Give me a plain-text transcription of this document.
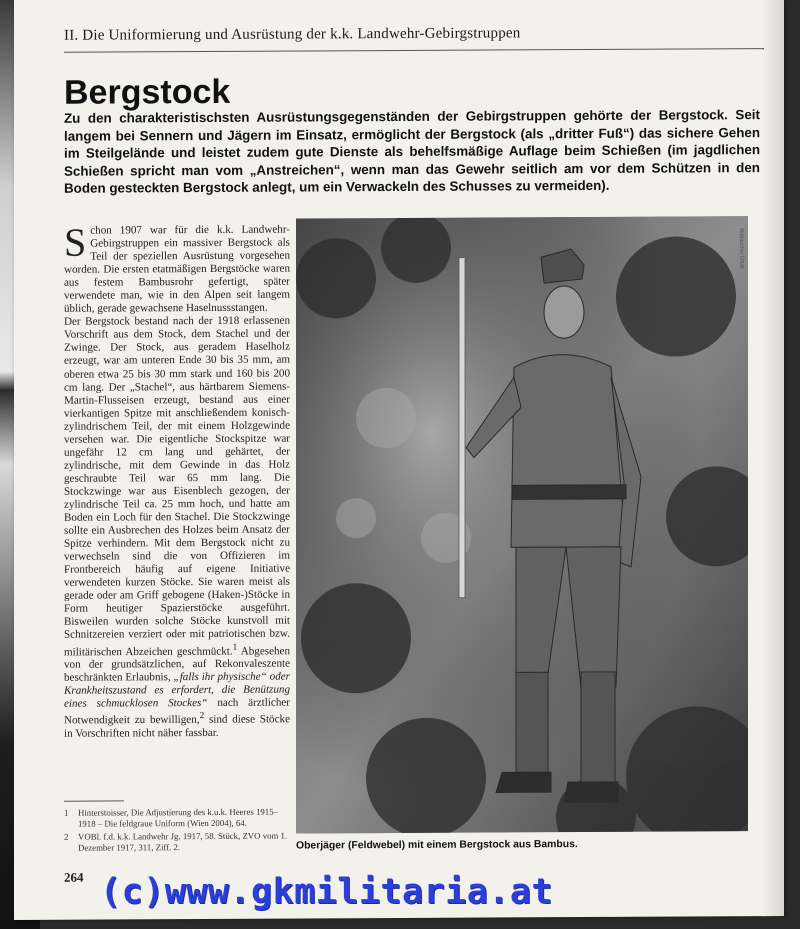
II. Die Uniformierung und Ausrüstung der k.k. Landwehr-Gebirgstruppen
Bergstock

Zu den charakteristischsten Ausrüstungsgegenständen der Gebirgstruppen gehörte der Bergstock. Seit langem bei Sennern und Jägern im Einsatz, ermöglicht der Bergstock (als „dritter Fuß“) das sichere Gehen im Steilgelände und leistet zudem gute Dienste als behelfsmäßige Auflage beim Schießen (im jagdlichen Schießen spricht man vom „Anstreichen“, wenn man das Gewehr seitlich am vor dem Schützen in den Boden gesteckten Bergstock anlegt, um ein Verwackeln des Schusses zu vermeiden).

Schon 1907 war für die k.k. Landwehr-Gebirgstruppen ein massiver Bergstock als Teil der speziellen Ausrüstung vorgesehen worden. Die ersten etatmäßigen Bergstöcke waren aus festem Bambusrohr gefertigt, später verwendete man, wie in den Alpen seit langem üblich, gerade gewachsene Haselnussstangen.

Der Bergstock bestand nach der 1918 erlassenen Vorschrift aus dem Stock, dem Stachel und der Zwinge. Der Stock, aus geradem Haselholz erzeugt, war am unteren Ende 30 bis 35 mm, am oberen etwa 25 bis 30 mm stark und 160 bis 200 cm lang. Der „Stachel“, aus härtbarem Siemens-Martin-Flusseisen erzeugt, bestand aus einer vierkantigen Spitze mit anschließendem konisch-zylindrischem Teil, der mit einem Holzgewinde versehen war. Die eigentliche Stockspitze war ungefähr 12 cm lang und gehärtet, der zylindrische, mit dem Gewinde in das Holz geschraubte Teil war 65 mm lang. Die Stockzwinge war aus Eisenblech gezogen, der zylindrische Teil ca. 25 mm hoch, und hatte am Boden ein Loch für den Stachel. Die Stockzwinge sollte ein Ausbrechen des Holzes beim Ansatz der Spitze verhindern. Mit dem Bergstock nicht zu verwechseln sind die von Offizieren im Frontbereich häufig auf eigene Initiative verwendeten kurzen Stöcke. Sie waren meist als gerade oder am Griff gebogene (Haken-)Stöcke in Form heutiger Spazierstöcke ausgeführt. Bisweilen wurden solche Stöcke kunstvoll mit Schnitzereien verziert oder mit patriotischen bzw. militärischen Abzeichen geschmückt.$^1$ Abgesehen von der grundsätzlichen, auf Rekonvaleszente beschränkten Erlaubnis, „falls ihr physische“ oder Krankheitszustand es erfordert, die Benützung eines schmucklosen Stockes“ nach ärztlicher Notwendigkeit zu bewilligen,$^2$ sind diese Stöcke in Vorschriften nicht näher fassbar.

1	Hinterstoisser, Die Adjustierung des k.u.k. Heeres 1915–1918 – Die feldgraue Uniform (Wien 2004), 64.
2	VOBl. f.d. k.k. Landwehr Jg. 1917, 58. Stück, ZVO vom 1. Dezember 1917, 311, Ziff. 2.
Bildarchiv ÖNB
Oberjäger (Feldwebel) mit einem Bergstock aus Bambus.
264 (c)www.gkmilitaria.at
